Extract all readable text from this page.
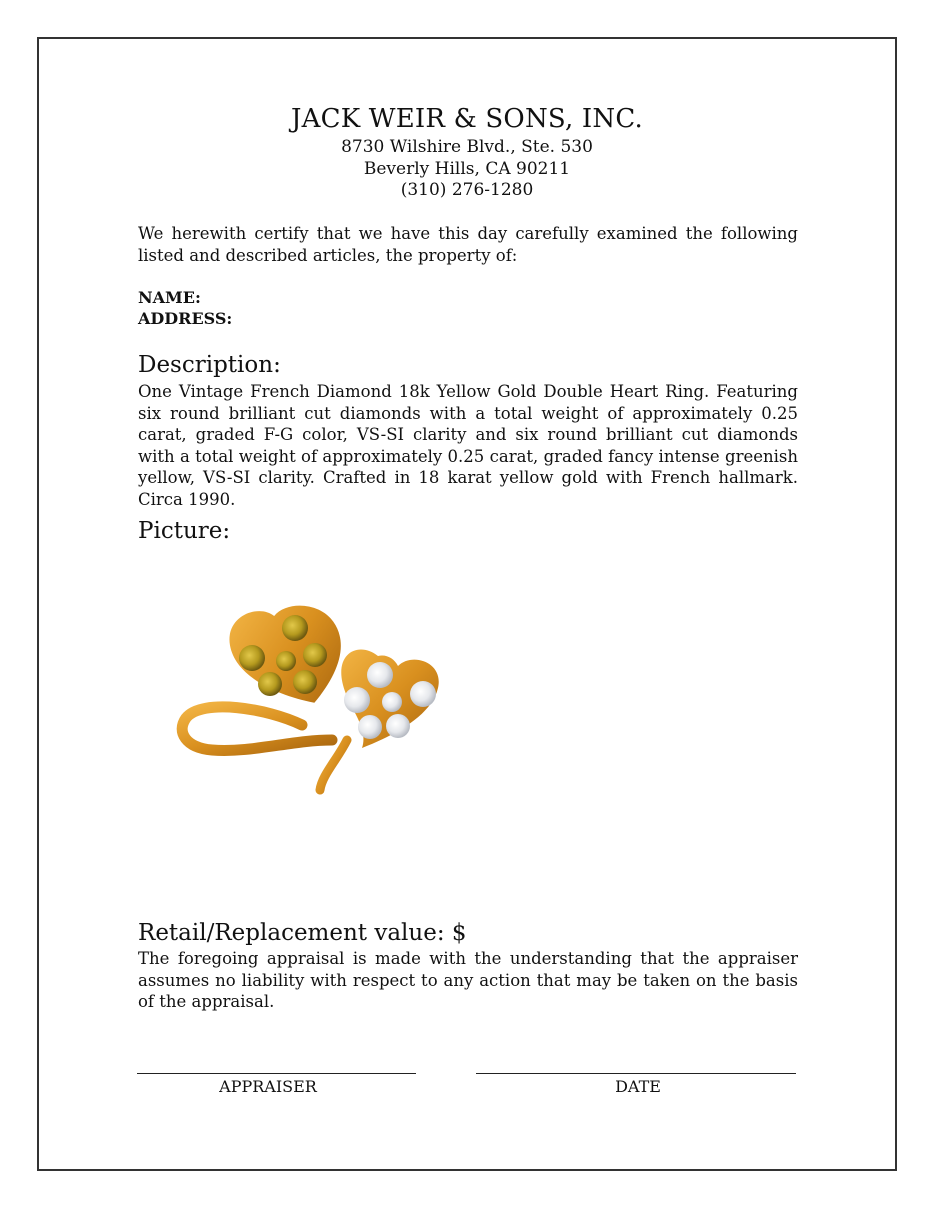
JACK WEIR & SONS, INC.
8730 Wilshire Blvd., Ste. 530
Beverly Hills, CA 90211
(310) 276-1280
We herewith certify that we have this day carefully examined the following listed and described articles, the property of:
NAME:
ADDRESS:
Description:
One Vintage French Diamond 18k Yellow Gold Double Heart Ring. Featuring six round brilliant cut diamonds with a total weight of approximately 0.25 carat, graded F-G color, VS-SI clarity and six round brilliant cut diamonds with a total weight of approximately 0.25 carat, graded fancy intense greenish yellow, VS-SI clarity. Crafted in 18 karat yellow gold with French hallmark. Circa 1990.
Picture:
Retail/Replacement value: $
The foregoing appraisal is made with the understanding that the appraiser assumes no liability with respect to any action that may be taken on the basis of the appraisal.
APPRAISER	DATE
